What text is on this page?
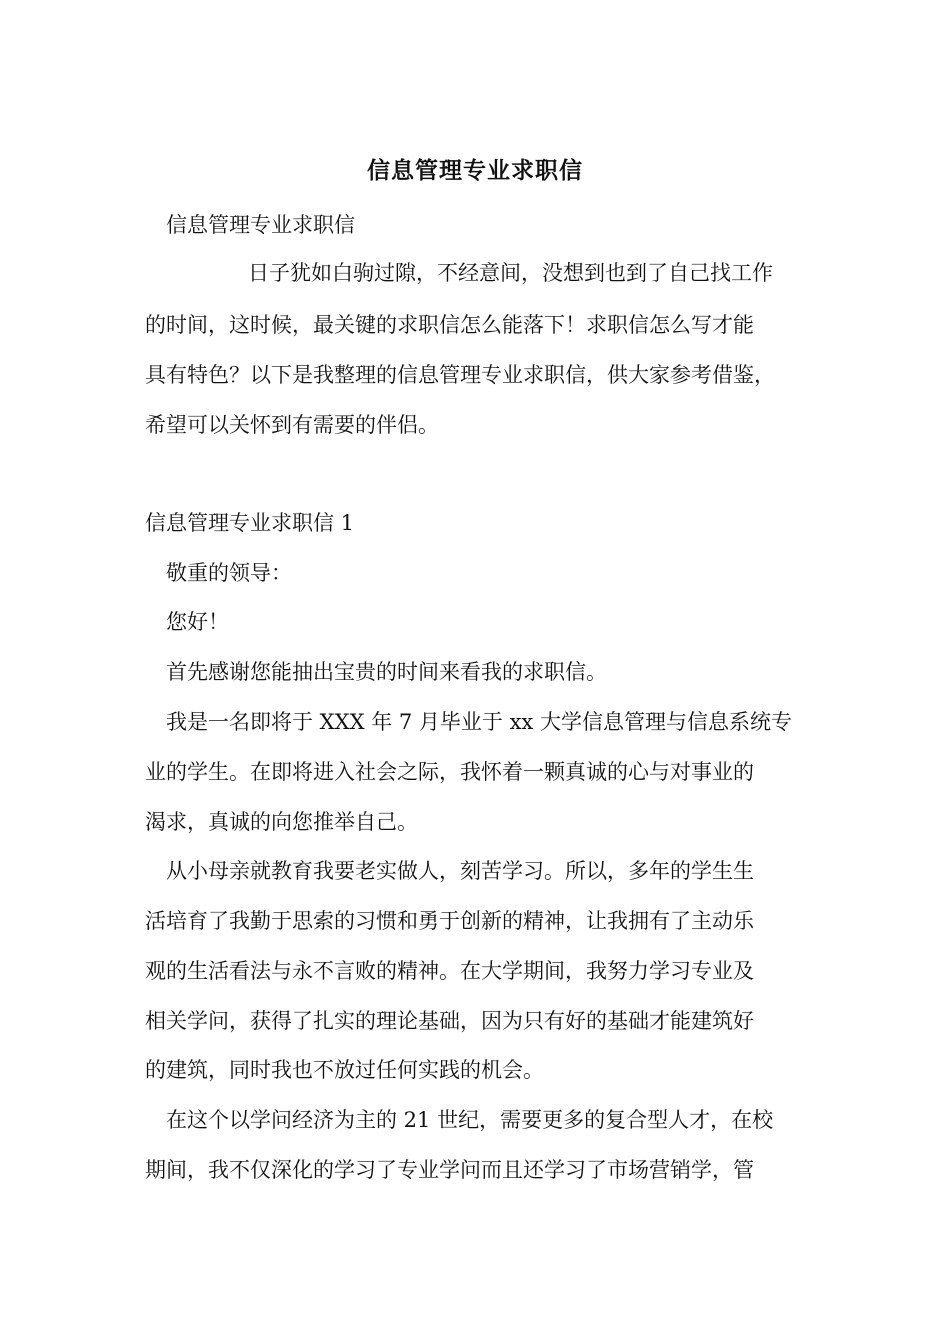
信息管理专业求职信
信息管理专业求职信
日子犹如白驹过隙，不经意间，没想到也到了自己找工作
的时间，这时候，最关键的求职信怎么能落下！求职信怎么写才能
具有特色？以下是我整理的信息管理专业求职信，供大家参考借鉴，
希望可以关怀到有需要的伴侣。
信息管理专业求职信 1
敬重的领导：
您好！
首先感谢您能抽出宝贵的时间来看我的求职信。
我是一名即将于 XXX 年 7 月毕业于 xx 大学信息管理与信息系统专
业的学生。在即将进入社会之际，我怀着一颗真诚的心与对事业的
渴求，真诚的向您推举自己。
从小母亲就教育我要老实做人，刻苦学习。所以，多年的学生生
活培育了我勤于思索的习惯和勇于创新的精神，让我拥有了主动乐
观的生活看法与永不言败的精神。在大学期间，我努力学习专业及
相关学问，获得了扎实的理论基础，因为只有好的基础才能建筑好
的建筑，同时我也不放过任何实践的机会。
在这个以学问经济为主的 21 世纪，需要更多的复合型人才，在校
期间，我不仅深化的学习了专业学问而且还学习了市场营销学，管
